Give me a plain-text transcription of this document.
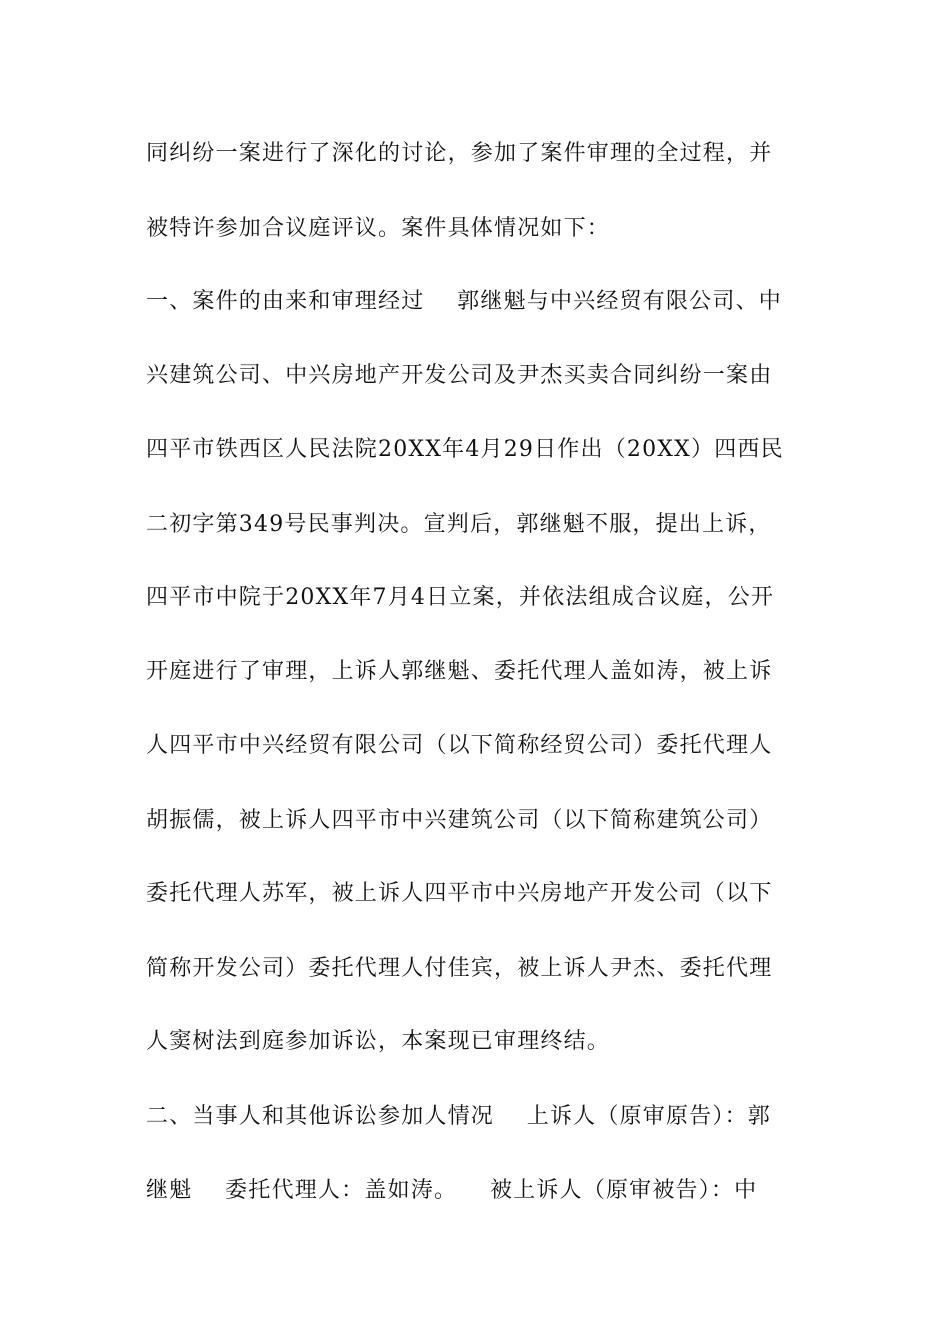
同纠纷一案进行了深化的讨论，参加了案件审理的全过程，并
被特许参加合议庭评议。案件具体情况如下：
一、案件的由来和审理经过    郭继魁与中兴经贸有限公司、中
兴建筑公司、中兴房地产开发公司及尹杰买卖合同纠纷一案由
四平市铁西区人民法院20XX年4月29日作出（20XX）四西民
二初字第349号民事判决。宣判后，郭继魁不服，提出上诉，
四平市中院于20XX年7月4日立案，并依法组成合议庭，公开
开庭进行了审理，上诉人郭继魁、委托代理人盖如涛，被上诉
人四平市中兴经贸有限公司（以下简称经贸公司）委托代理人
胡振儒，被上诉人四平市中兴建筑公司（以下简称建筑公司）
委托代理人苏军，被上诉人四平市中兴房地产开发公司（以下
简称开发公司）委托代理人付佳宾，被上诉人尹杰、委托代理
人窦树法到庭参加诉讼，本案现已审理终结。
二、当事人和其他诉讼参加人情况    上诉人（原审原告）：郭
继魁    委托代理人：盖如涛。    被上诉人（原审被告）：中
